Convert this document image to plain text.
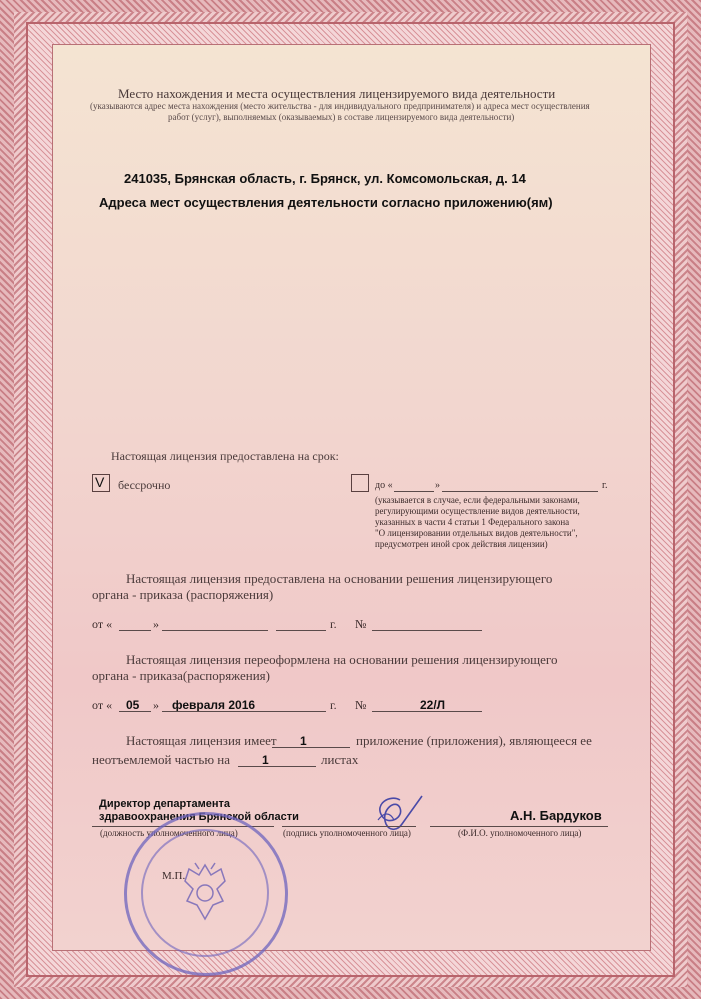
Место нахождения и места осуществления лицензируемого вида деятельности
(указываются адрес места нахождения (место жительства - для индивидуального предпринимателя) и адреса мест осуществления
работ (услуг), выполняемых (оказываемых) в составе лицензируемого вида деятельности)
241035, Брянская область, г. Брянск, ул. Комсомольская, д. 14
Адреса мест осуществления деятельности согласно приложению(ям)
Настоящая лицензия предоставлена на срок:
V бессрочно	до «	»	г.
(указывается в случае, если федеральными законами,
регулирующими осуществление видов деятельности,
указанных в части 4 статьи 1 Федерального закона
"О лицензировании отдельных видов деятельности",
предусмотрен иной срок действия лицензии)
Настоящая лицензия предоставлена на основании решения лицензирующего
органа - приказа (распоряжения)
от «	»	г. №
Настоящая лицензия переоформлена на основании решения лицензирующего
органа - приказа(распоряжения)
от « 05 » февраля 2016	г. №	22/Л
Настоящая лицензия имеет 1	приложение (приложения), являющееся ее
неотъемлемой частью на	1	листах
Директор департамента
здравоохранения Брянской области
(должность уполномоченного лица)	(подпись уполномоченного лица)
А.Н. Бардуков
(Ф.И.О. уполномоченного лица)
М.П.
